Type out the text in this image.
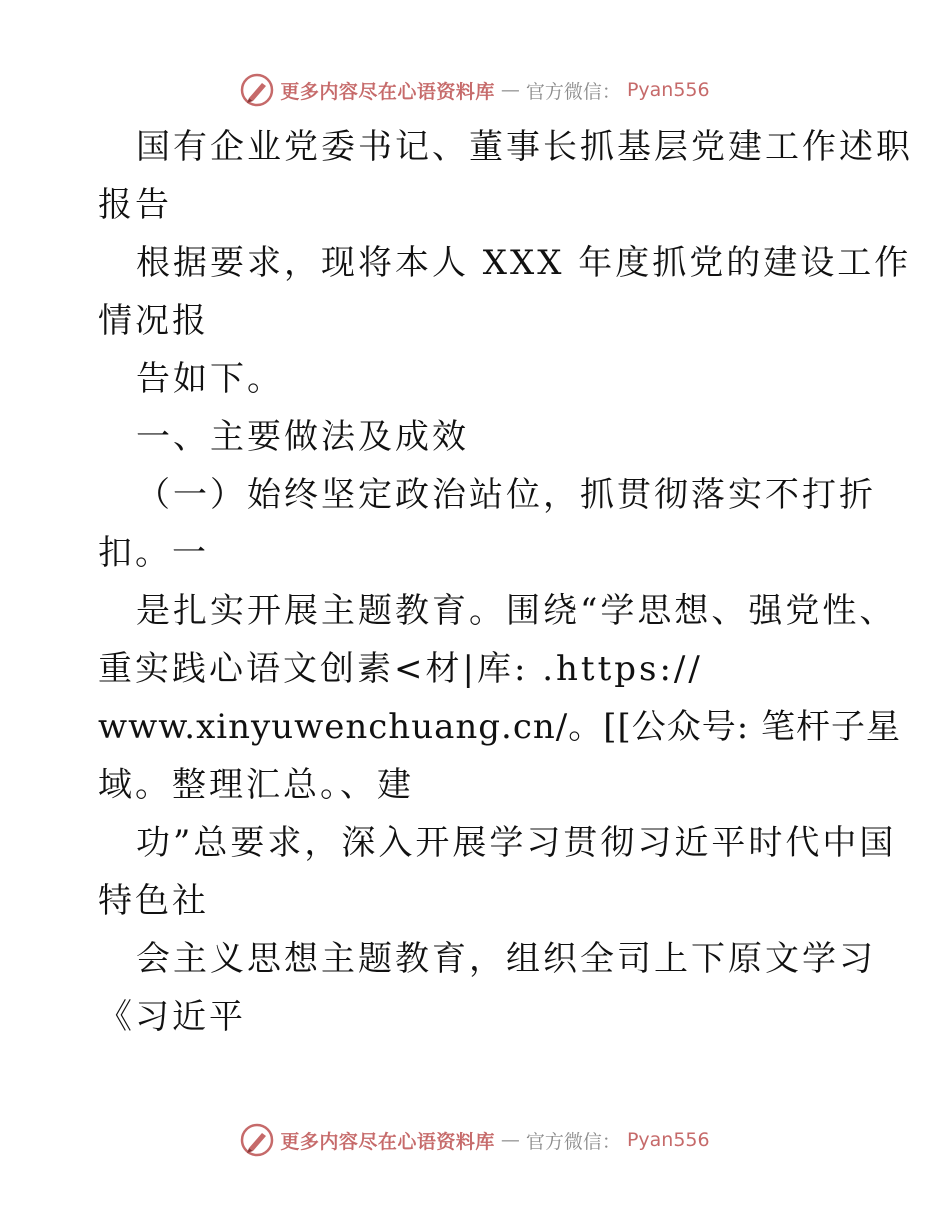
更多内容尽在心语资料库 — 官方微信： Pyan556
国有企业党委书记、董事长抓基层党建工作述职
报告
根据要求，现将本人 XXX 年度抓党的建设工作
情况报
告如下。
一、主要做法及成效
（一）始终坚定政治站位，抓贯彻落实不打折
扣。一
是扎实开展主题教育。围绕“学思想、强党性、
重实践心语文创素<材|库: .https://
www.xinyuwenchuang.cn/。[[公众号: 笔杆子星
域。整理汇总。、建
功”总要求，深入开展学习贯彻习近平时代中国
特色社
会主义思想主题教育，组织全司上下原文学习
《习近平
更多内容尽在心语资料库 — 官方微信： Pyan556
